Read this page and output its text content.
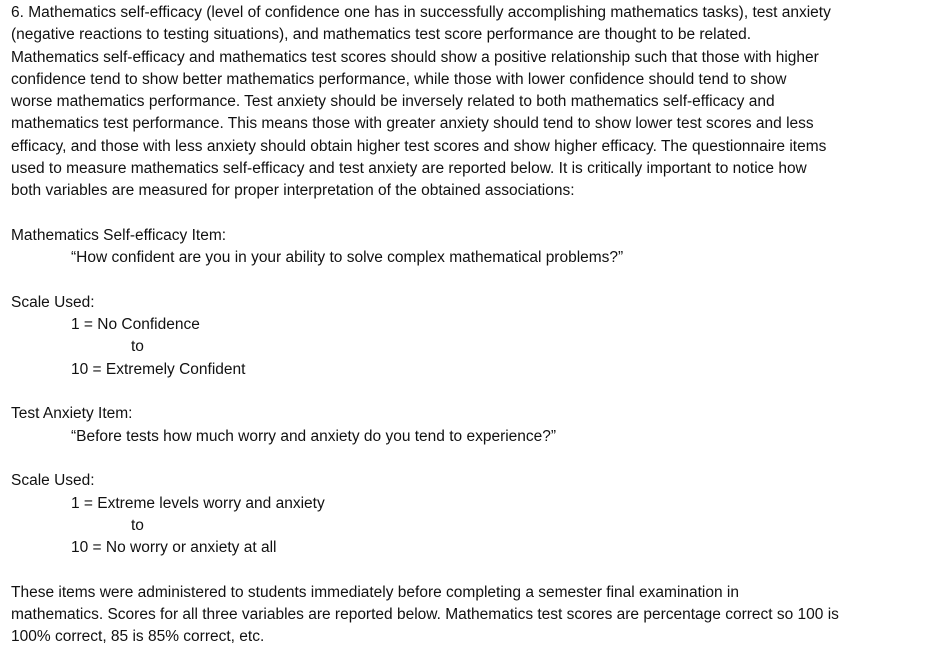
6. Mathematics self-efficacy (level of confidence one has in successfully accomplishing mathematics tasks), test anxiety
(negative reactions to testing situations), and mathematics test score performance are thought to be related.
Mathematics self-efficacy and mathematics test scores should show a positive relationship such that those with higher
confidence tend to show better mathematics performance, while those with lower confidence should tend to show
worse mathematics performance. Test anxiety should be inversely related to both mathematics self-efficacy and
mathematics test performance. This means those with greater anxiety should tend to show lower test scores and less
efficacy, and those with less anxiety should obtain higher test scores and show higher efficacy. The questionnaire items
used to measure mathematics self-efficacy and test anxiety are reported below. It is critically important to notice how
both variables are measured for proper interpretation of the obtained associations:

Mathematics Self-efficacy Item:

“How confident are you in your ability to solve complex mathematical problems?”

Scale Used:

1 = No Confidence

to

10 = Extremely Confident

Test Anxiety Item:

“Before tests how much worry and anxiety do you tend to experience?”

Scale Used:

1 = Extreme levels worry and anxiety

to

10 = No worry or anxiety at all

These items were administered to students immediately before completing a semester final examination in
mathematics. Scores for all three variables are reported below. Mathematics test scores are percentage correct so 100 is
100% correct, 85 is 85% correct, etc.
